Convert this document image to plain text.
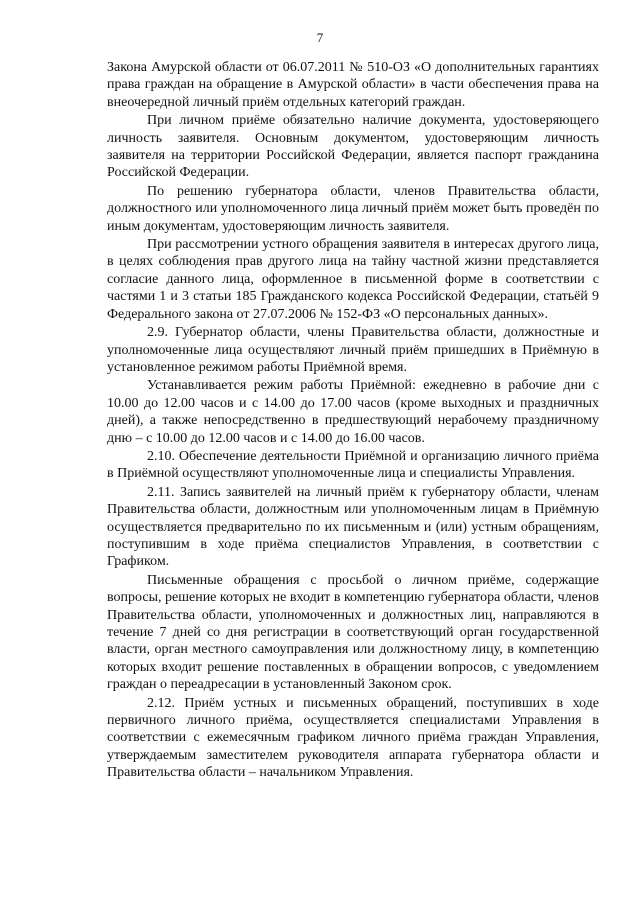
7

Закона Амурской области от 06.07.2011 № 510-ОЗ «О дополнительных гарантиях права граждан на обращение в Амурской области» в части обеспечения права на внеочередной личный приём отдельных категорий граждан.

При личном приёме обязательно наличие документа, удостоверяющего личность заявителя. Основным документом, удостоверяющим личность заявителя на территории Российской Федерации, является паспорт гражданина Российской Федерации.

По решению губернатора области, членов Правительства области, должностного или уполномоченного лица личный приём может быть проведён по иным документам, удостоверяющим личность заявителя.

При рассмотрении устного обращения заявителя в интересах другого лица, в целях соблюдения прав другого лица на тайну частной жизни представляется согласие данного лица, оформленное в письменной форме в соответствии с частями 1 и 3 статьи 185 Гражданского кодекса Российской Федерации, статьёй 9 Федерального закона от 27.07.2006 № 152-ФЗ «О персональных данных».

2.9. Губернатор области, члены Правительства области, должностные и уполномоченные лица осуществляют личный приём пришедших в Приёмную в установленное режимом работы Приёмной время.

Устанавливается режим работы Приёмной: ежедневно в рабочие дни с 10.00 до 12.00 часов и с 14.00 до 17.00 часов (кроме выходных и праздничных дней), а также непосредственно в предшествующий нерабочему праздничному дню – с 10.00 до 12.00 часов и с 14.00 до 16.00 часов.

2.10. Обеспечение деятельности Приёмной и организацию личного приёма в Приёмной осуществляют уполномоченные лица и специалисты Управления.

2.11. Запись заявителей на личный приём к губернатору области, членам Правительства области, должностным или уполномоченным лицам в Приёмную осуществляется предварительно по их письменным и (или) устным обращениям, поступившим в ходе приёма специалистов Управления, в соответствии с Графиком.

Письменные обращения с просьбой о личном приёме, содержащие вопросы, решение которых не входит в компетенцию губернатора области, членов Правительства области, уполномоченных и должностных лиц, направляются в течение 7 дней со дня регистрации в соответствующий орган государственной власти, орган местного самоуправления или должностному лицу, в компетенцию которых входит решение поставленных в обращении вопросов, с уведомлением граждан о переадресации в установленный Законом срок.

2.12. Приём устных и письменных обращений, поступивших в ходе первичного личного приёма, осуществляется специалистами Управления в соответствии с ежемесячным графиком личного приёма граждан Управления, утверждаемым заместителем руководителя аппарата губернатора области и Правительства области – начальником Управления.
